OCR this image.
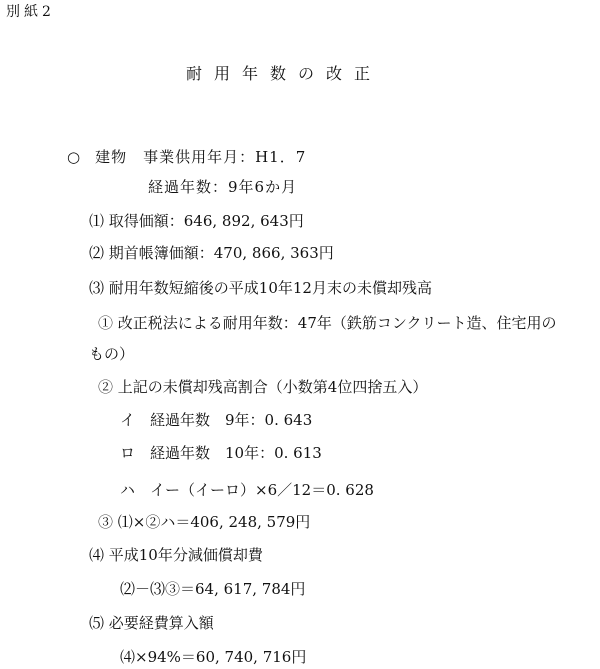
別紙2
耐用年数の改正
○ 建物　事業供用年月：H1．7
経過年数：9年6か月
⑴ 取得価額：646, 892, 643円
⑵ 期首帳簿価額：470, 866, 363円
⑶ 耐用年数短縮後の平成10年12月末の未償却残高
① 改正税法による耐用年数：47年（鉄筋コンクリート造、住宅用の
もの）
② 上記の未償却残高割合（小数第4位四捨五入）
イ　経過年数　9年：0. 643
ロ　経過年数　10年：0. 613
ハ　イー（イーロ）×6／12＝0. 628
③ ⑴×②ハ＝406, 248, 579円
⑷ 平成10年分減価償却費
⑵－⑶③＝64, 617, 784円
⑸ 必要経費算入額
⑷×94%＝60, 740, 716円
